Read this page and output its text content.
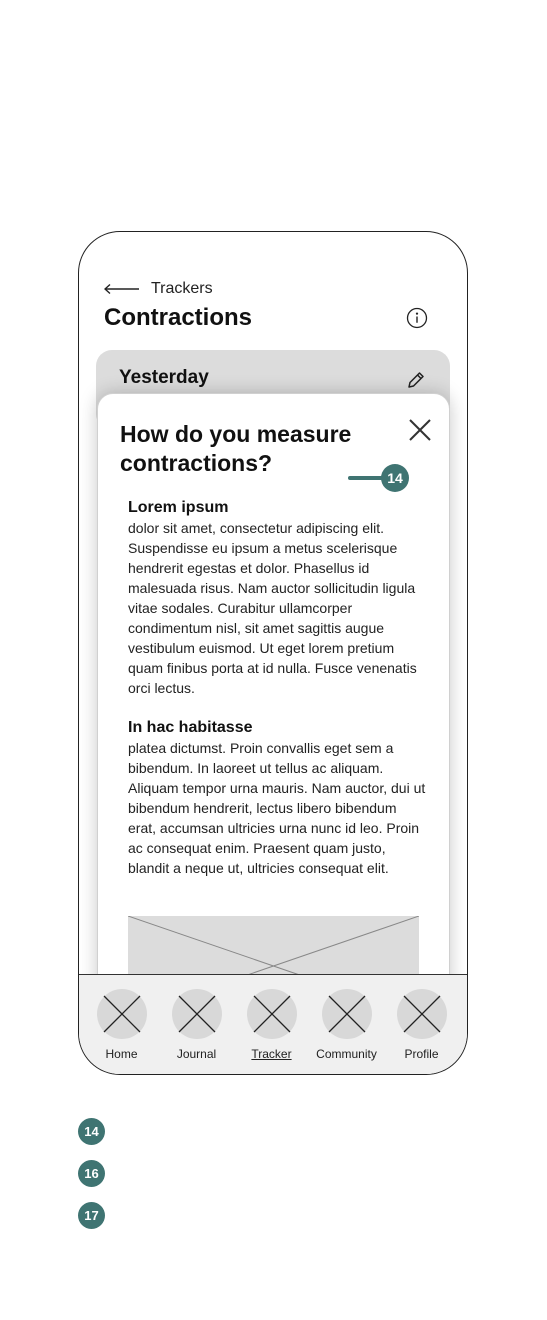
Trackers
Contractions
Yesterday
How do you measure contractions?
14
Lorem ipsum
dolor sit amet, consectetur adipiscing elit. Suspendisse eu ipsum a metus scelerisque hendrerit egestas et dolor. Phasellus id malesuada risus. Nam auctor sollicitudin ligula vitae sodales. Curabitur ullamcorper condimentum nisl, sit amet sagittis augue vestibulum euismod. Ut eget lorem pretium quam finibus porta at id nulla. Fusce venenatis orci lectus.
In hac habitasse
platea dictumst. Proin convallis eget sem a bibendum. In laoreet ut tellus ac aliquam. Aliquam tempor urna mauris. Nam auctor, dui ut bibendum hendrerit, lectus libero bibendum erat, accumsan ultricies urna nunc id leo. Proin ac consequat enim. Praesent quam justo, blandit a neque ut, ultricies consequat elit.
Home	Journal	Tracker Community Profile
14
16
17
